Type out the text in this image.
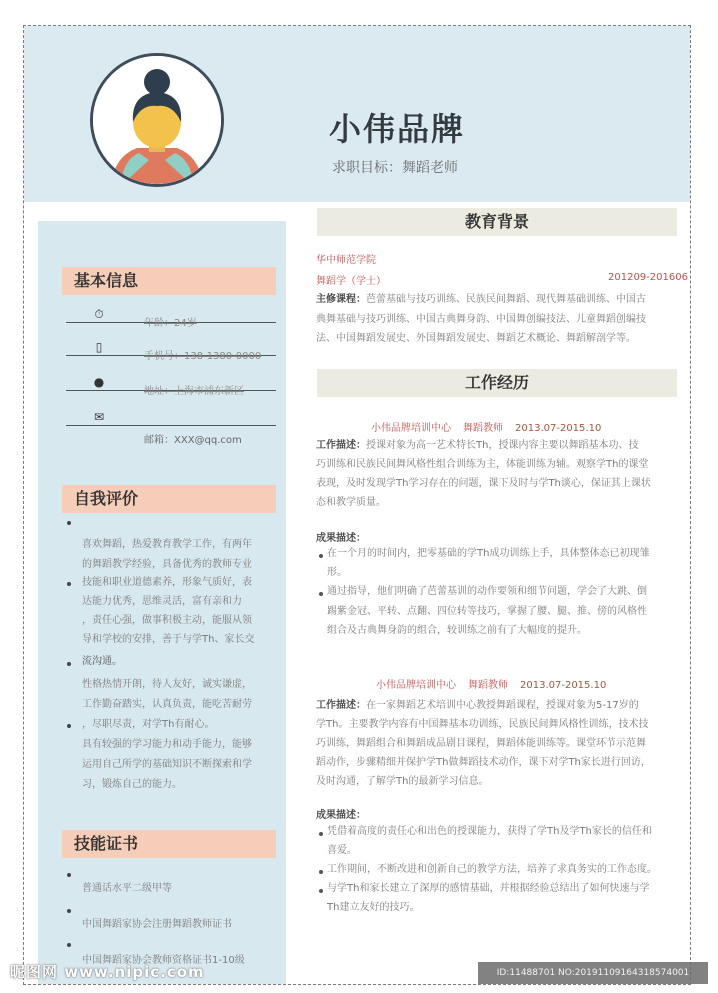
小伟品牌
求职目标：舞蹈老师
基本信息
⏱
年龄：24岁
▯
手机号：138-1380-0000
●
地址：上海市浦东新区
✉
邮箱：XXX@qq.com
自我评价
喜欢舞蹈，热爱教育教学工作，有两年
的舞蹈教学经验，具备优秀的教师专业
技能和职业道德素养，形象气质好，表
达能力优秀，思维灵活，富有亲和力
，责任心强，做事积极主动，能服从领
导和学校的安排，善于与学Th、家长交
流沟通。
性格热情开朗，待人友好，诚实谦虚，
工作勤奋踏实，认真负责，能吃苦耐劳
，尽职尽责，对学Th有耐心。
具有较强的学习能力和动手能力，能够
运用自己所学的基础知识不断探索和学
习，锻炼自己的能力。
技能证书
普通话水平二级甲等
中国舞蹈家协会注册舞蹈教师证书
中国舞蹈家协会教师资格证书1-10级
教育背景
华中师范学院
舞蹈学（学士）	201209-201606
主修课程：芭蕾基础与技巧训练、民族民间舞蹈、现代舞基础训练、中国古
典舞基础与技巧训练、中国古典舞身韵、中国舞创编技法、儿童舞蹈创编技
法、中国舞蹈发展史、外国舞蹈发展史、舞蹈艺术概论、舞蹈解剖学等。
工作经历
小伟品牌培训中心 舞蹈教师 2013.07-2015.10
工作描述：授课对象为高一艺术特长Th，授课内容主要以舞蹈基本功、技
巧训练和民族民间舞风格性组合训练为主，体能训练为辅。观察学Th的课堂
表现，及时发现学Th学习存在的问题，课下及时与学Th谈心，保证其上课状
态和教学质量。
成果描述：
在一个月的时间内，把零基础的学Th成功训练上手，具体整体态已初现雏
形。
通过指导，他们明确了芭蕾基训的动作要领和细节问题，学会了大跳、倒
踢紫金冠、平转、点翻、四位转等技巧，掌握了腰、腿、推、傍的风格性
组合及古典舞身韵的组合，较训练之前有了大幅度的提升。
小伟品牌培训中心 舞蹈教师 2013.07-2015.10
工作描述：在一家舞蹈艺术培训中心教授舞蹈课程，授课对象为5-17岁的
学Th。主要教学内容有中国舞基本功训练，民族民间舞风格性训练，技术技
巧训练，舞蹈组合和舞蹈成品剧目课程，舞蹈体能训练等。课堂环节示范舞
蹈动作，步骤精细并保护学Th做舞蹈技术动作，课下对学Th家长进行回访，
及时沟通，了解学Th的最新学习信息。
成果描述：
凭借着高度的责任心和出色的授课能力，获得了学Th及学Th家长的信任和
喜爱。
工作期间，不断改进和创新自己的教学方法，培养了求真务实的工作态度。
与学Th和家长建立了深厚的感情基础，并根据经验总结出了如何快速与学
Th建立友好的技巧。
昵图网 www.nipic.com	ID:11488701 NO:20191109164318574001
